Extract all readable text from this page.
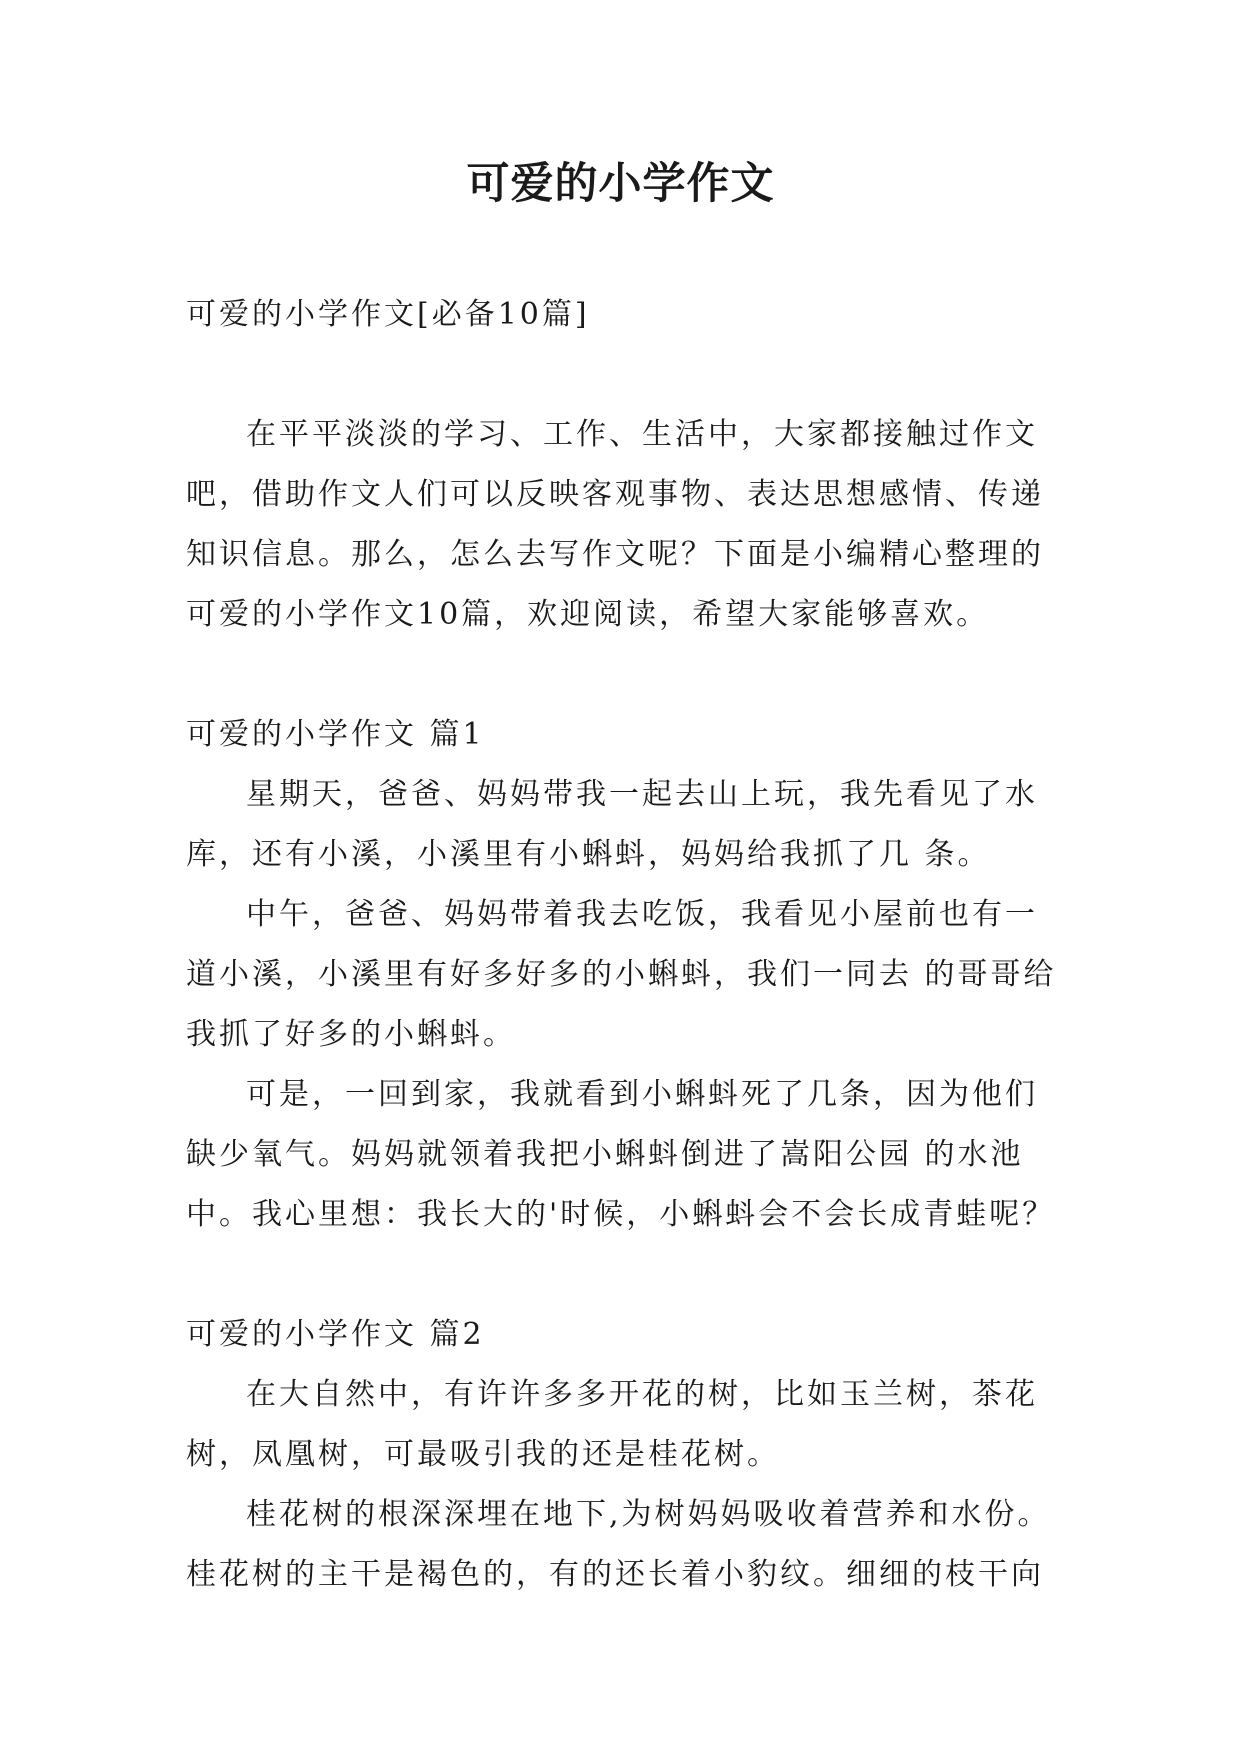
可爱的小学作文

可爱的小学作文[必备10篇]

在平平淡淡的学习、工作、生活中，大家都接触过作文吧，借助作文人们可以反映客观事物、表达思想感情、传递知识信息。那么，怎么去写作文呢？下面是小编精心整理的可爱的小学作文10篇，欢迎阅读，希望大家能够喜欢。

可爱的小学作文 篇1

星期天，爸爸、妈妈带我一起去山上玩，我先看见了水库，还有小溪，小溪里有小蝌蚪，妈妈给我抓了几 条。

中午，爸爸、妈妈带着我去吃饭，我看见小屋前也有一道小溪，小溪里有好多好多的小蝌蚪，我们一同去 的哥哥给我抓了好多的小蝌蚪。

可是，一回到家，我就看到小蝌蚪死了几条，因为他们缺少氧气。妈妈就领着我把小蝌蚪倒进了嵩阳公园 的水池中。我心里想：我长大的'时候，小蝌蚪会不会长成青蛙呢？

可爱的小学作文 篇2

在大自然中，有许许多多开花的树，比如玉兰树，茶花树，凤凰树，可最吸引我的还是桂花树。

桂花树的根深深埋在地下,为树妈妈吸收着营养和水份。桂花树的主干是褐色的，有的还长着小豹纹。细细的枝干向
